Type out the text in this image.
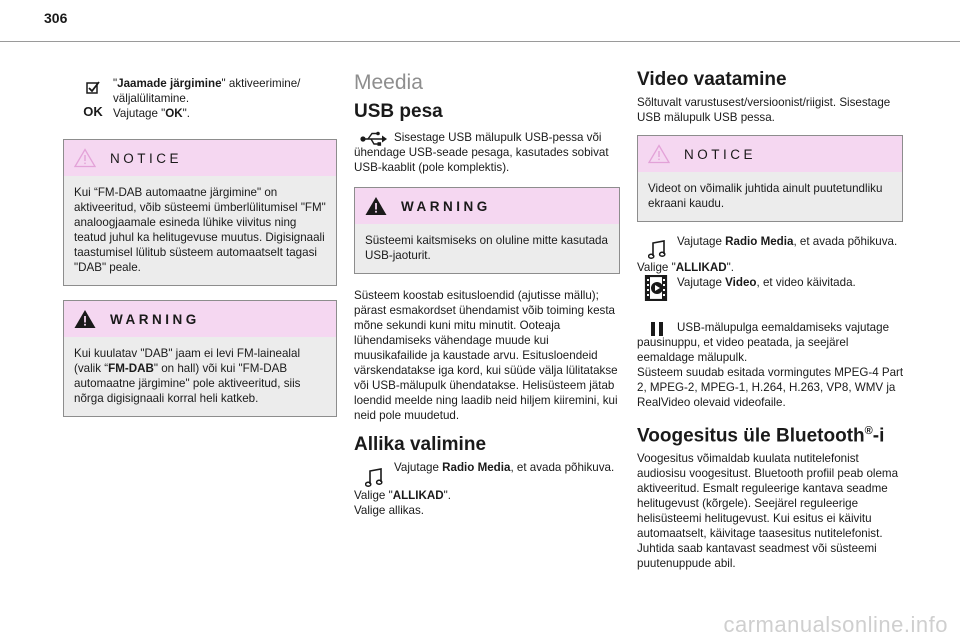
306
OK

"Jaamade järgimine" aktiveerimine/ väljalülitamine.
Vajutage "OK".

NOTICE
Kui “FM-DAB automaatne järgimine" on aktiveeritud, võib süsteemi ümberlülitumisel "FM" analoogjaamale esineda lühike viivitus ning teatud juhul ka helitugevuse muutus. Digisignaali taastumisel lülitub süsteem automaatselt tagasi "DAB" peale.
WARNING
Kui kuulatav "DAB" jaam ei levi FM-lainealal (valik “FM-DAB" on hall) või kui "FM-DAB automaatne järgimine" pole aktiveeritud, siis nõrga digisignaali korral heli katkeb.
Meedia
USB pesa

Sisestage USB mälupulk USB-pessa või ühendage USB-seade pesaga, kasutades sobivat USB-kaablit (pole komplektis).

WARNING
Süsteemi kaitsmiseks on oluline mitte kasutada USB-jaoturit.

Süsteem koostab esitusloendid (ajutisse mällu); pärast esmakordset ühendamist võib toiming kesta mõne sekundi kuni mitu minutit. Ooteaja lühendamiseks vähendage muude kui muusikafailide ja kaustade arvu. Esitusloendeid värskendatakse iga kord, kui süüde välja lülitatakse või USB-mälupulk ühendatakse. Helisüsteem jätab loendid meelde ning laadib neid hiljem kiiremini, kui neid pole muudetud.

Allika valimine

Vajutage Radio Media, et avada põhikuva.

Valige "ALLIKAD".
Valige allikas.

Video vaatamine

Sõltuvalt varustusest/versioonist/riigist. Sisestage USB mälupulk USB pessa.

NOTICE
Videot on võimalik juhtida ainult puutetundliku ekraani kaudu.

Vajutage Radio Media, et avada põhikuva.

Valige "ALLIKAD".

Vajutage Video, et video käivitada.

USB-mälupulga eemaldamiseks vajutage pausinuppu, et video peatada, ja seejärel eemaldage mälupulk.

Süsteem suudab esitada vormingutes MPEG-4 Part 2, MPEG-2, MPEG-1, H.264, H.263, VP8, WMV ja RealVideo olevaid videofaile.

Voogesitus üle Bluetooth®-i

Voogesitus võimaldab kuulata nutitelefonist audiosisu voogesitust. Bluetooth profiil peab olema aktiveeritud. Esmalt reguleerige kantava seadme helitugevust (kõrgele). Seejärel reguleerige helisüsteemi helitugevust. Kui esitus ei käivitu automaatselt, käivitage taasesitus nutitelefonist. Juhtida saab kantavast seadmest või süsteemi puutenuppude abil.

carmanualsonline.info
